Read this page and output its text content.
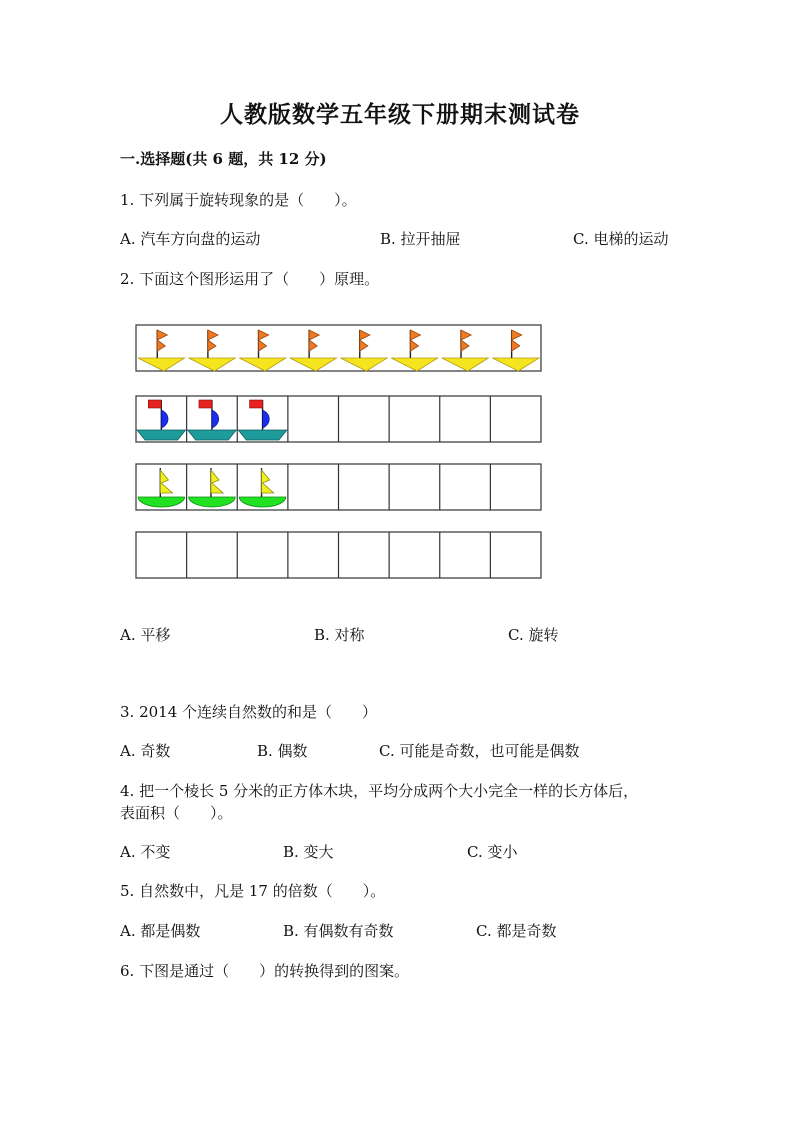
人教版数学五年级下册期末测试卷
一.选择题(共 6 题，共 12 分)
1. 下列属于旋转现象的是（　　）。
A. 汽车方向盘的运动	B. 拉开抽屉	C. 电梯的运动
2. 下面这个图形运用了（　　）原理。
A. 平移	B. 对称	C. 旋转
3. 2014 个连续自然数的和是（　　）
A. 奇数	B. 偶数	C. 可能是奇数，也可能是偶数
4. 把一个棱长 5 分米的正方体木块，平均分成两个大小完全一样的长方体后，
表面积（　　）。
A. 不变	B. 变大	C. 变小
5. 自然数中，凡是 17 的倍数（　　）。
A. 都是偶数	B. 有偶数有奇数	C. 都是奇数
6. 下图是通过（　　）的转换得到的图案。
